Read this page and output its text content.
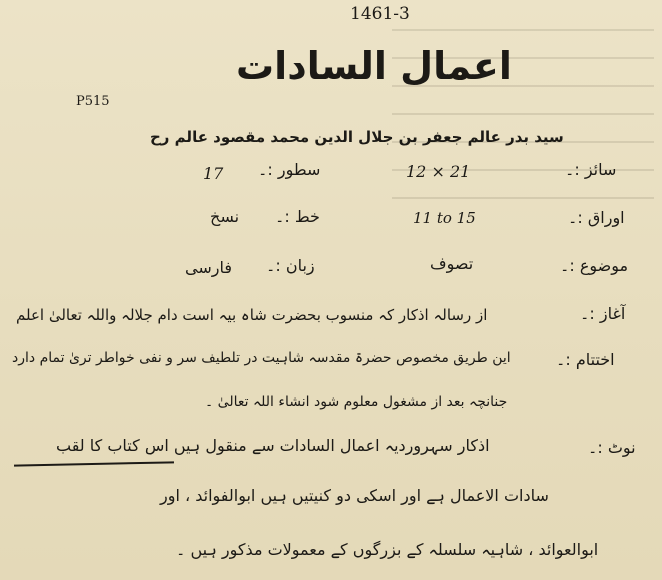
1461-3

P515

اعمال السادات

سید بدر عالم جعفر بن جلال الدین محمد مقصود عالم رح

سائز :۔

12 × 21

سطور :۔

17

اوراق :۔

11 to 15

خط :۔

نسخ

موضوع :۔

تصوف

زبان :۔

فارسی

آغاز :۔

از رسالہ اذکار کہ منسوب بحضرت شاہ بیہ است دام جلالہ واللہ تعالیٰ اعلم

اختتام :۔

این طریق مخصوص حضرۃ مقدسہ شاہیت در تلطیف سر و نفی خواطر تریٰ تمام دارد

جنانچہ بعد از مشغول معلوم شود انشاء اللہ تعالیٰ ۔

نوٹ :۔

اذکار سہروردیہ اعمال السادات سے منقول ہیں اس کتاب کا لقب

سادات الاعمال ہے اور اسکی دو کنیتیں ہیں ابوالفوائد ، اور

ابوالعوائد ، شاہیہ سلسلہ کے بزرگوں کے معمولات مذکور ہیں ۔
